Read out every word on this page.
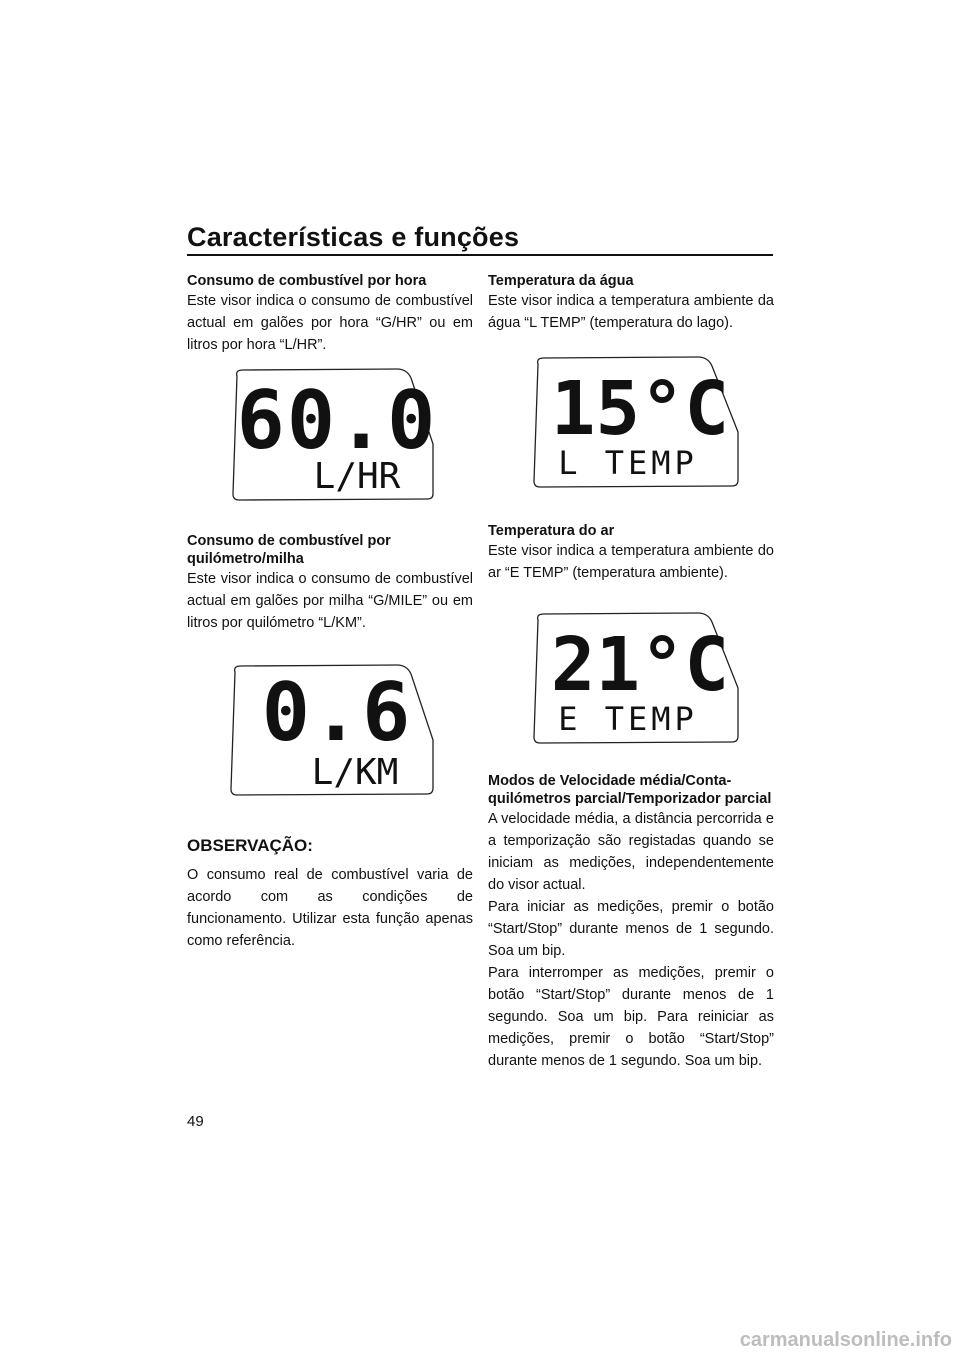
Características e funções

Consumo de combustível por hora

Este visor indica o consumo de combustível actual em galões por hora “G/HR” ou em litros por hora “L/HR”.

60.0
L/HR

Consumo de combustível por quilómetro/milha

Este visor indica o consumo de combustível actual em galões por milha “G/MILE” ou em litros por quilómetro “L/KM”.

0.6
L/KM

OBSERVAÇÃO:

O consumo real de combustível varia de acordo com as condições de funcionamento. Utilizar esta função apenas como referência.

Temperatura da água

Este visor indica a temperatura ambiente da água “L TEMP” (temperatura do lago).

15°C
L TEMP

Temperatura do ar

Este visor indica a temperatura ambiente do ar “E TEMP” (temperatura ambiente).

21°C
E TEMP

Modos de Velocidade média/Conta-quilómetros parcial/Temporizador parcial

A velocidade média, a distância percorrida e a temporização são registadas quando se iniciam as medições, independentemente do visor actual.

Para iniciar as medições, premir o botão “Start/Stop” durante menos de 1 segundo. Soa um bip.

Para interromper as medições, premir o botão “Start/Stop” durante menos de 1 segundo. Soa um bip. Para reiniciar as medições, premir o botão “Start/Stop” durante menos de 1 segundo. Soa um bip.

49
carmanualsonline.info
